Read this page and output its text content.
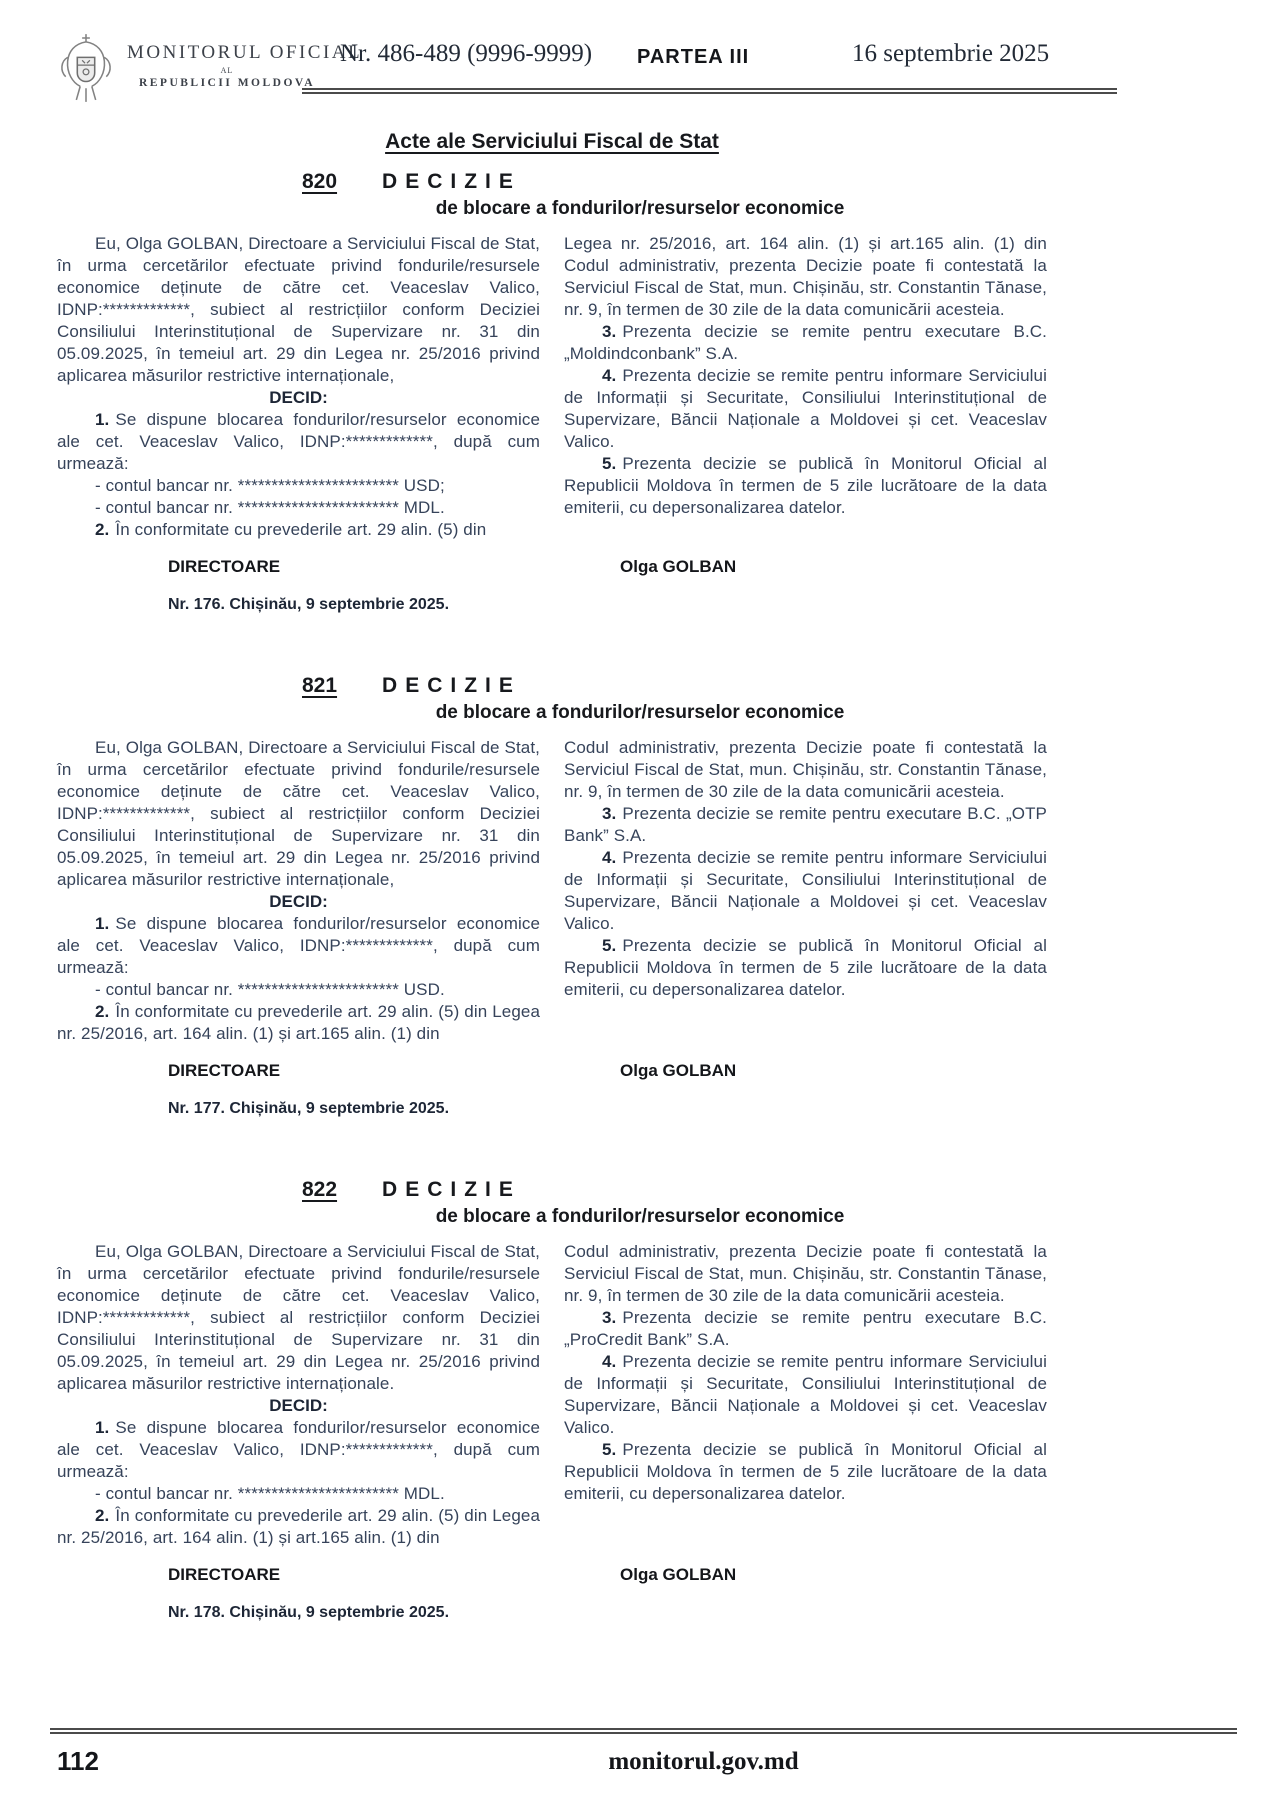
MONITORUL OFICIAL
AL
REPUBLICII MOLDOVA
Nr. 486-489 (9996-9999) PARTEA III	16 septembrie 2025
Acte ale Serviciului Fiscal de Stat
820 DECIZIE
de blocare a fondurilor/resurselor economice

Eu, Olga GOLBAN, Directoare a Serviciului Fiscal de Stat, în urma cercetărilor efectuate privind fondurile/resursele economice deținute de către cet. Veaceslav Valico, IDNP:*************, subiect al restricțiilor conform Deciziei Consiliului Interinstituțional de Supervizare nr. 31 din 05.09.2025, în temeiul art. 29 din Legea nr. 25/2016 privind aplicarea măsurilor restrictive internaționale,

DECID:

1. Se dispune blocarea fondurilor/resurselor economice ale cet. Veaceslav Valico, IDNP:*************, după cum urmează:

- contul bancar nr. ************************ USD;

- contul bancar nr. ************************ MDL.

2. În conformitate cu prevederile art. 29 alin. (5) din

Legea nr. 25/2016, art. 164 alin. (1) și art.165 alin. (1) din Codul administrativ, prezenta Decizie poate fi contestată la Serviciul Fiscal de Stat, mun. Chișinău, str. Constantin Tănase, nr. 9, în termen de 30 zile de la data comunicării acesteia.

3. Prezenta decizie se remite pentru executare B.C. „Moldindconbank” S.A.

4. Prezenta decizie se remite pentru informare Serviciului de Informații și Securitate, Consiliului Interinstituțional de Supervizare, Băncii Naționale a Moldovei și cet. Veaceslav Valico.

5. Prezenta decizie se publică în Monitorul Oficial al Republicii Moldova în termen de 5 zile lucrătoare de la data emiterii, cu depersonalizarea datelor.

DIRECTOARE	Olga GOLBAN

Nr. 176. Chișinău, 9 septembrie 2025.

821 DECIZIE
de blocare a fondurilor/resurselor economice

Eu, Olga GOLBAN, Directoare a Serviciului Fiscal de Stat, în urma cercetărilor efectuate privind fondurile/resursele economice deținute de către cet. Veaceslav Valico, IDNP:*************, subiect al restricțiilor conform Deciziei Consiliului Interinstituțional de Supervizare nr. 31 din 05.09.2025, în temeiul art. 29 din Legea nr. 25/2016 privind aplicarea măsurilor restrictive internaționale,

DECID:

1. Se dispune blocarea fondurilor/resurselor economice ale cet. Veaceslav Valico, IDNP:*************, după cum urmează:

- contul bancar nr. ************************ USD.

2. În conformitate cu prevederile art. 29 alin. (5) din Legea nr. 25/2016, art. 164 alin. (1) și art.165 alin. (1) din

Codul administrativ, prezenta Decizie poate fi contestată la Serviciul Fiscal de Stat, mun. Chișinău, str. Constantin Tănase, nr. 9, în termen de 30 zile de la data comunicării acesteia.

3. Prezenta decizie se remite pentru executare B.C. „OTP Bank” S.A.

4. Prezenta decizie se remite pentru informare Serviciului de Informații și Securitate, Consiliului Interinstituțional de Supervizare, Băncii Naționale a Moldovei și cet. Veaceslav Valico.

5. Prezenta decizie se publică în Monitorul Oficial al Republicii Moldova în termen de 5 zile lucrătoare de la data emiterii, cu depersonalizarea datelor.

DIRECTOARE	Olga GOLBAN

Nr. 177. Chișinău, 9 septembrie 2025.

822 DECIZIE
de blocare a fondurilor/resurselor economice

Eu, Olga GOLBAN, Directoare a Serviciului Fiscal de Stat, în urma cercetărilor efectuate privind fondurile/resursele economice deținute de către cet. Veaceslav Valico, IDNP:*************, subiect al restricțiilor conform Deciziei Consiliului Interinstituțional de Supervizare nr. 31 din 05.09.2025, în temeiul art. 29 din Legea nr. 25/2016 privind aplicarea măsurilor restrictive internaționale.

DECID:

1. Se dispune blocarea fondurilor/resurselor economice ale cet. Veaceslav Valico, IDNP:*************, după cum urmează:

- contul bancar nr. ************************ MDL.

2. În conformitate cu prevederile art. 29 alin. (5) din Legea nr. 25/2016, art. 164 alin. (1) și art.165 alin. (1) din

Codul administrativ, prezenta Decizie poate fi contestată la Serviciul Fiscal de Stat, mun. Chișinău, str. Constantin Tănase, nr. 9, în termen de 30 zile de la data comunicării acesteia.

3. Prezenta decizie se remite pentru executare B.C. „ProCredit Bank” S.A.

4. Prezenta decizie se remite pentru informare Serviciului de Informații și Securitate, Consiliului Interinstituțional de Supervizare, Băncii Naționale a Moldovei și cet. Veaceslav Valico.

5. Prezenta decizie se publică în Monitorul Oficial al Republicii Moldova în termen de 5 zile lucrătoare de la data emiterii, cu depersonalizarea datelor.

DIRECTOARE	Olga GOLBAN

Nr. 178. Chișinău, 9 septembrie 2025.

112	monitorul.gov.md
